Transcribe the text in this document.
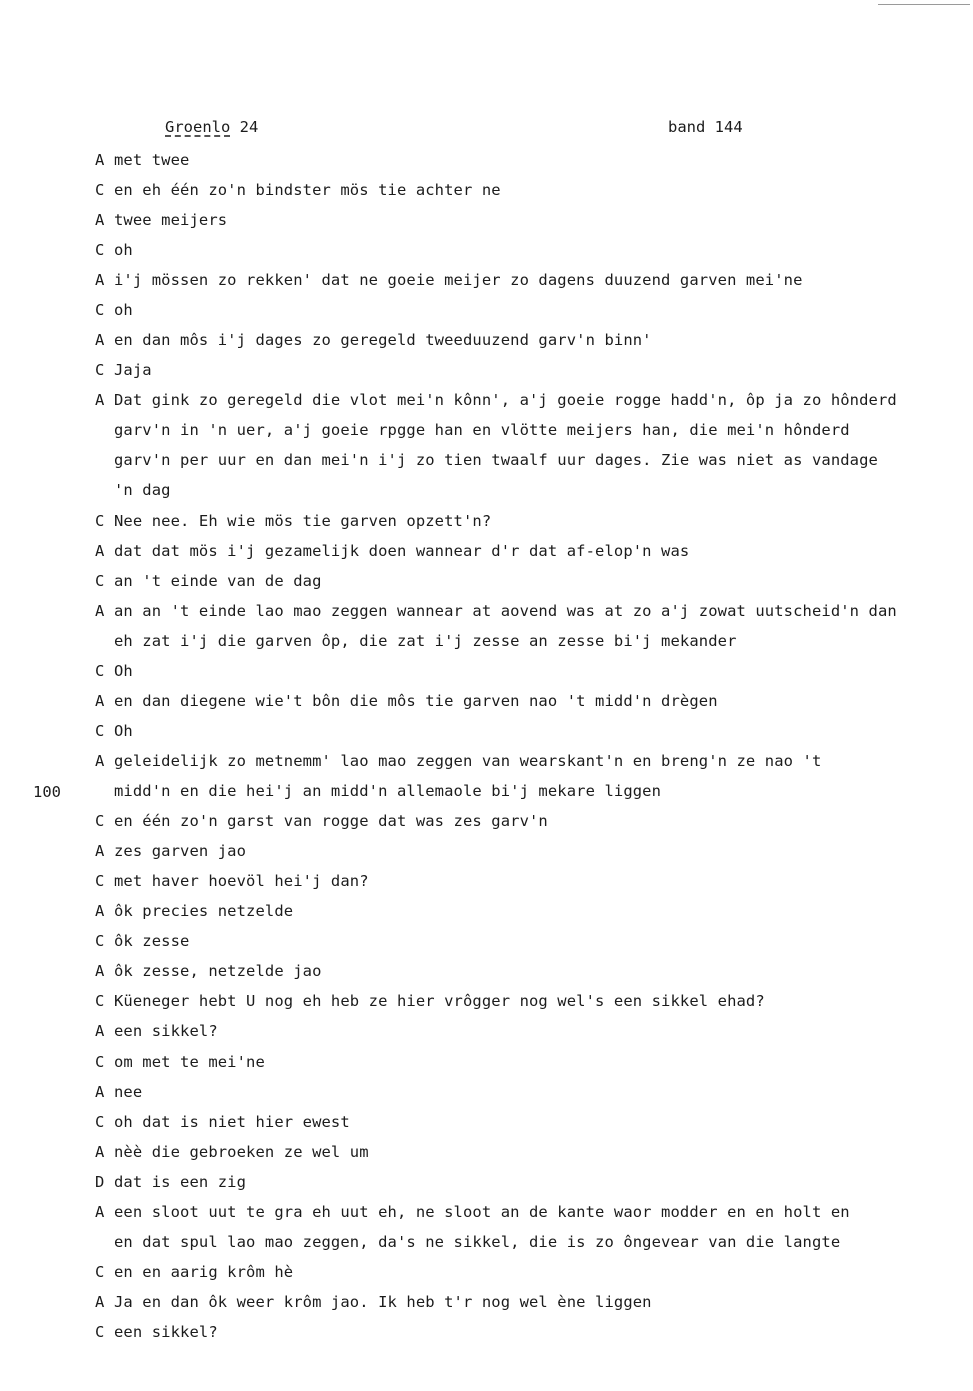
Groenlo 24	band 144
100
A met twee
C en eh één zo'n bindster mös tie achter ne
A twee meijers
C oh
A i'j mössen zo rekken' dat ne goeie meijer zo dagens duuzend garven mei'ne
C oh
A en dan môs i'j dages zo geregeld tweeduuzend garv'n binn'
C Jaja
A Dat gink zo geregeld die vlot mei'n kônn', a'j goeie rogge hadd'n, ôp ja zo hônderd
garv'n in 'n uer, a'j goeie rpgge han en vlötte meijers han, die mei'n hônderd
garv'n per uur en dan mei'n i'j zo tien twaalf uur dages. Zie was niet as vandage
'n dag
C Nee nee. Eh wie mös tie garven opzett'n?
A dat dat mös i'j gezamelijk doen wannear d'r dat af-elop'n was
C an 't einde van de dag
A an an 't einde lao mao zeggen wannear at aovend was at zo a'j zowat uutscheid'n dan
eh zat i'j die garven ôp, die zat i'j zesse an zesse bi'j mekander
C Oh
A en dan diegene wie't bôn die môs tie garven nao 't midd'n drègen
C Oh
A geleidelijk zo metnemm' lao mao zeggen van wearskant'n en breng'n ze nao 't
midd'n en die hei'j an midd'n allemaole bi'j mekare liggen
C en één zo'n garst van rogge dat was zes garv'n
A zes garven jao
C met haver hoevöl hei'j dan?
A ôk precies netzelde
C ôk zesse
A ôk zesse, netzelde jao
C Küeneger hebt U nog eh heb ze hier vrôgger nog wel's een sikkel ehad?
A een sikkel?
C om met te mei'ne
A nee
C oh dat is niet hier ewest
A nèè die gebroeken ze wel um
D dat is een zig
A een sloot uut te gra eh uut eh, ne sloot an de kante waor modder en en holt en
en dat spul lao mao zeggen, da's ne sikkel, die is zo ôngevear van die langte
C en en aarig krôm hè
A Ja en dan ôk weer krôm jao. Ik heb t'r nog wel ène liggen
C een sikkel?
